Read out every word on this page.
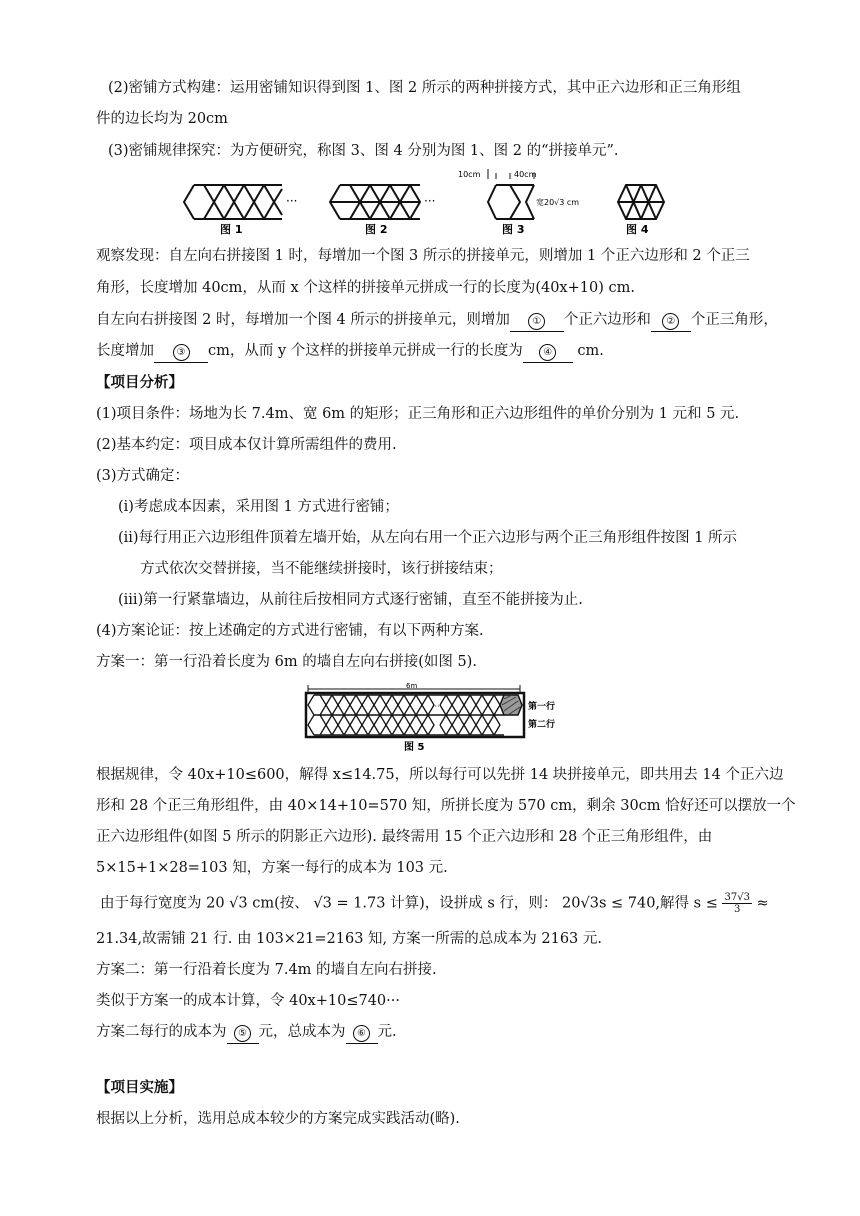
(2)密铺方式构建：运用密铺知识得到图 1、图 2 所示的两种拼接方式，其中正六边形和正三角形组
件的边长均为 20cm
(3)密铺规律探究：为方便研究，称图 3、图 4 分别为图 1、图 2 的“拼接单元”.
···
图 1
···
图 2
10cm	40cm
宽20√3 cm
图 3	图 4
观察发现：自左向右拼接图 1 时，每增加一个图 3 所示的拼接单元，则增加 1 个正六边形和 2 个正三
角形，长度增加 40cm，从而 x 个这样的拼接单元拼成一行的长度为(40x+10) cm.
自左向右拼接图 2 时，每增加一个图 4 所示的拼接单元，则增加 ① 个正六边形和 ② 个正三角形，
长度增加 ③ cm，从而 y 个这样的拼接单元拼成一行的长度为 ④ cm.
【项目分析】
(1)项目条件：场地为长 7.4m、宽 6m 的矩形；正三角形和正六边形组件的单价分别为 1 元和 5 元.
(2)基本约定：项目成本仅计算所需组件的费用.
(3)方式确定：
(i)考虑成本因素，采用图 1 方式进行密铺；
(ii)每行用正六边形组件顶着左墙开始，从左向右用一个正六边形与两个正三角形组件按图 1 所示
方式依次交替拼接，当不能继续拼接时，该行拼接结束；
(iii)第一行紧靠墙边，从前往后按相同方式逐行密铺，直至不能拼接为止.
(4)方案论证：按上述确定的方式进行密铺，有以下两种方案.
方案一：第一行沿着长度为 6m 的墙自左向右拼接(如图 5).
···
6m
第一行
第二行
图 5
根据规律，令 40x+10≤600，解得 x≤14.75，所以每行可以先拼 14 块拼接单元，即共用去 14 个正六边
形和 28 个正三角形组件，由 40×14+10=570 知，所拼长度为 570 cm，剩余 30cm 恰好还可以摆放一个
正六边形组件(如图 5 所示的阴影正六边形). 最终需用 15 个正六边形和 28 个正三角形组件，由
5×15+1×28=103 知，方案一每行的成本为 103 元.
由于每行宽度为 20 √3 cm(按、 √3 = 1.73 计算)，设拼成 s 行，则： 20√3s ≤ 740,解得 $s \le \frac{37√3}{3}$ ≈
21.34,故需铺 21 行. 由 103×21=2163 知, 方案一所需的总成本为 2163 元.
方案二：第一行沿着长度为 7.4m 的墙自左向右拼接.
类似于方案一的成本计算，令 40x+10≤740···
方案二每行的成本为 ⑤ 元，总成本为 ⑥ 元.
【项目实施】
根据以上分析，选用总成本较少的方案完成实践活动(略).
